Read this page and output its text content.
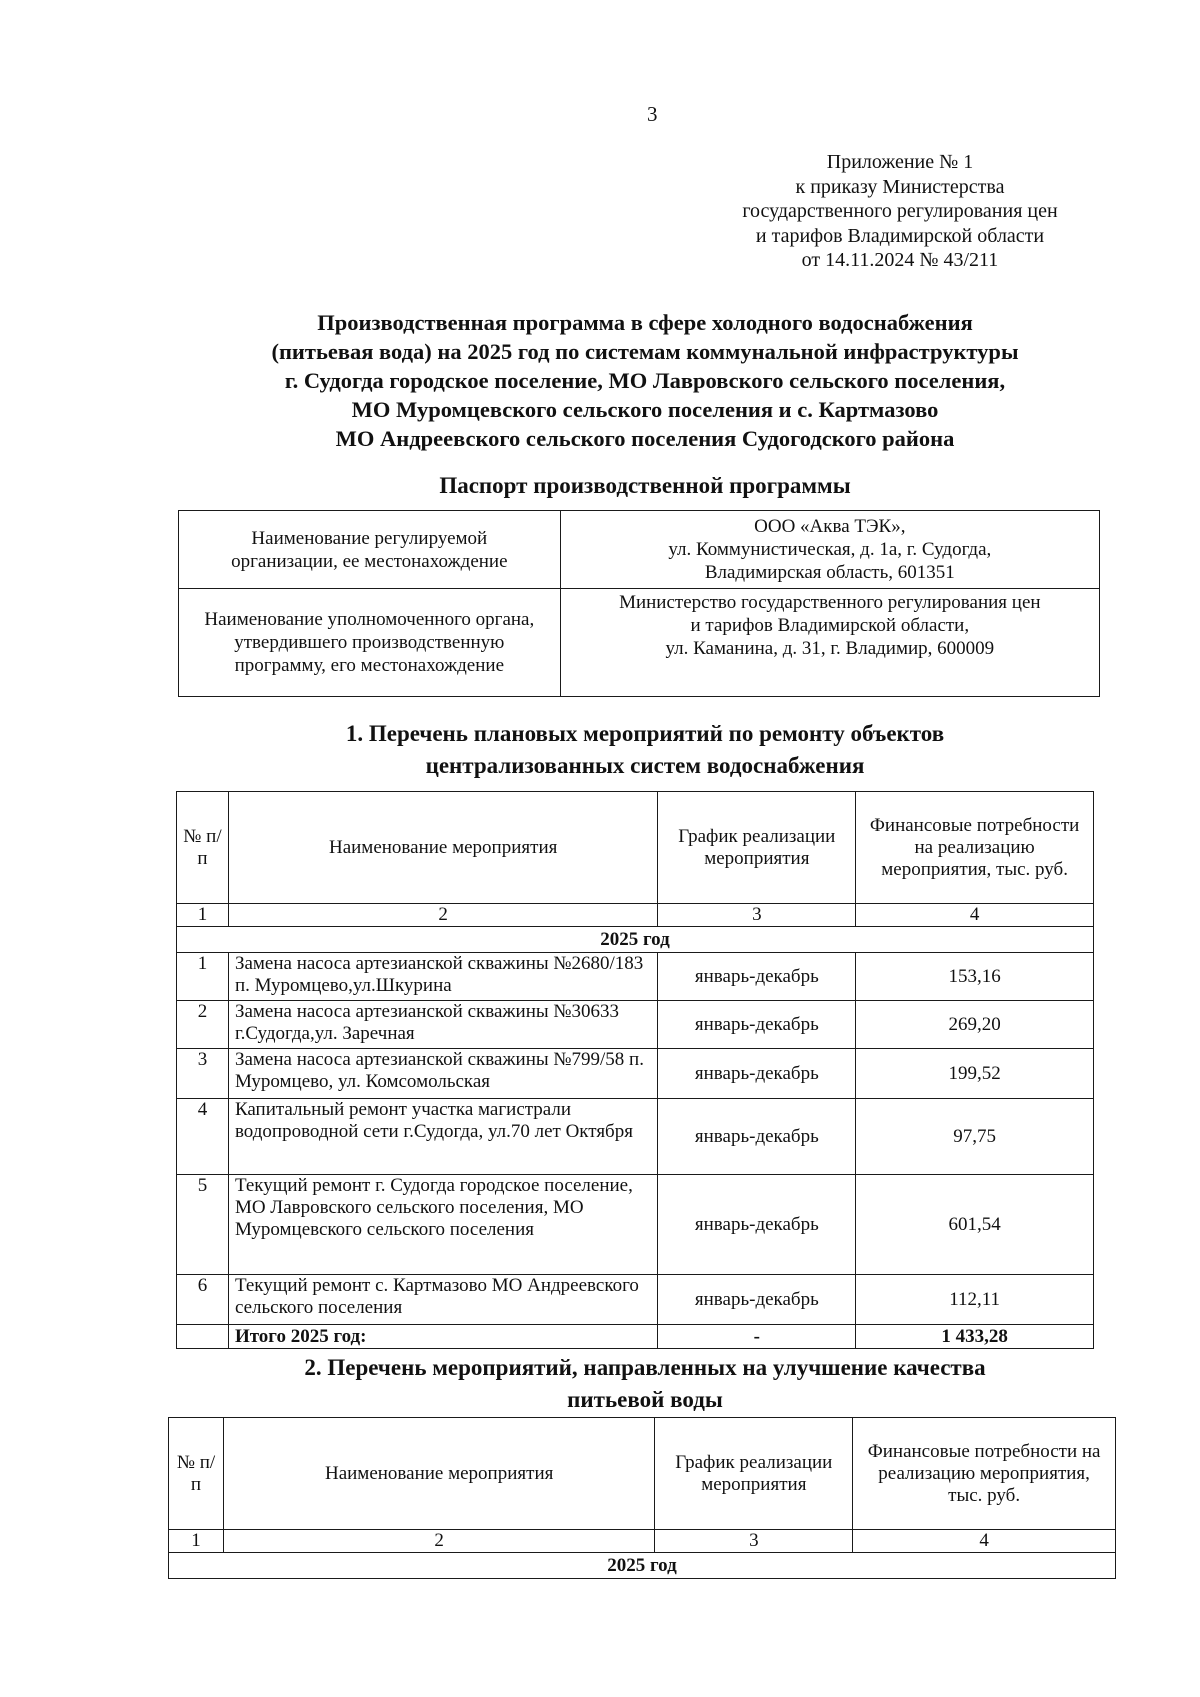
3
Приложение № 1
к приказу Министерства
государственного регулирования цен
и тарифов Владимирской области
от 14.11.2024 № 43/211
Производственная программа в сфере холодного водоснабжения
(питьевая вода) на 2025 год по системам коммунальной инфраструктуры
г. Судогда городское поселение, МО Лавровского сельского поселения,
МО Муромцевского сельского поселения и с. Картмазово
МО Андреевского сельского поселения Судогодского района
Паспорт производственной программы
Наименование регулируемой организации, ее местонахождение	ООО «Аква ТЭК»,
ул. Коммунистическая, д. 1а, г. Судогда,
Владимирская область, 601351

Наименование уполномоченного органа, утвердившего производственную программу, его местонахождение	Министерство государственного регулирования цен
и тарифов Владимирской области,
ул. Каманина, д. 31, г. Владимир, 600009
1. Перечень плановых мероприятий по ремонту объектов
централизованных систем водоснабжения
№ п/п	Наименование мероприятия	График реализации мероприятия	Финансовые потребности на реализацию мероприятия, тыс. руб.
1	2	3	4
2025 год			
1	Замена насоса артезианской скважины №2680/183 п. Муромцево,ул.Шкурина	январь-декабрь	153,16
2	Замена насоса артезианской скважины №30633 г.Судогда,ул. Заречная	январь-декабрь	269,20
3	Замена насоса артезианской скважины №799/58 п. Муромцево, ул. Комсомольская	январь-декабрь	199,52
4	Капитальный ремонт участка магистрали водопроводной сети г.Судогда, ул.70 лет Октября	январь-декабрь	97,75
5	Текущий ремонт г. Судогда городское поселение, МО Лавровского сельского поселения, МО Муромцевского сельского поселения	январь-декабрь	601,54
6	Текущий ремонт с. Картмазово МО Андреевского сельского поселения	январь-декабрь	112,11
	Итого 2025 год:	-	1 433,28
2. Перечень мероприятий, направленных на улучшение качества
питьевой воды
№ п/п	Наименование мероприятия	График реализации мероприятия	Финансовые потребности на реализацию мероприятия, тыс. руб.
1	2	3	4
2025 год			
